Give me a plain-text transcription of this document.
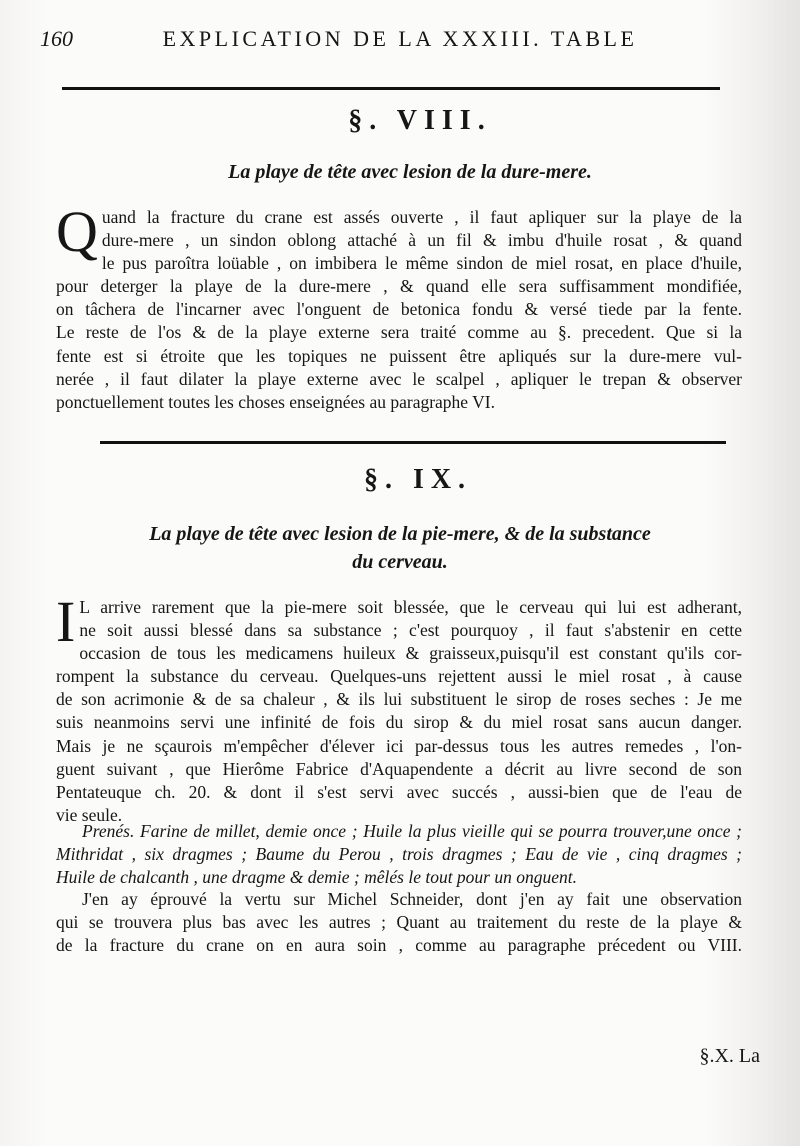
160	EXPLICATION DE LA XXXIII. TABLE
§. VIII.
La playe de tête avec lesion de la dure-mere.
Q uand la fracture du crane est assés ouverte , il faut apliquer sur la playe de la
dure-mere , un sindon oblong attaché à un fil & imbu d'huile rosat , & quand
le pus paroîtra loüable , on imbibera le même sindon de miel rosat, en place d'huile,
pour deterger la playe de la dure-mere , & quand elle sera suffisamment mondifiée,
on tâchera de l'incarner avec l'onguent de betonica fondu & versé tiede par la fente.
Le reste de l'os & de la playe externe sera traité comme au §. precedent. Que si la
fente est si étroite que les topiques ne puissent être apliqués sur la dure-mere vul-
nerée , il faut dilater la playe externe avec le scalpel , apliquer le trepan & observer
ponctuellement toutes les choses enseignées au paragraphe VI.
§. IX.
La playe de tête avec lesion de la pie-mere, & de la substance
du cerveau.
I L arrive rarement que la pie-mere soit blessée, que le cerveau qui lui est adherant,
ne soit aussi blessé dans sa substance ; c'est pourquoy , il faut s'abstenir en cette
occasion de tous les medicamens huileux & graisseux,puisqu'il est constant qu'ils cor-
rompent la substance du cerveau. Quelques-uns rejettent aussi le miel rosat , à cause
de son acrimonie & de sa chaleur , & ils lui substituent le sirop de roses seches : Je me
suis neanmoins servi une infinité de fois du sirop & du miel rosat sans aucun danger.
Mais je ne sçaurois m'empêcher d'élever ici par-dessus tous les autres remedes , l'on-
guent suivant , que Hierôme Fabrice d'Aquapendente a décrit au livre second de son
Pentateuque ch. 20. & dont il s'est servi avec succés , aussi-bien que de l'eau de
vie seule.
Prenés. Farine de millet, demie once ; Huile la plus vieille qui se pourra trouver,une once ;
Mithridat , six dragmes ; Baume du Perou , trois dragmes ; Eau de vie , cinq dragmes ;
Huile de chalcanth , une dragme & demie ; mêlés le tout pour un onguent.
J'en ay éprouvé la vertu sur Michel Schneider, dont j'en ay fait une observation
qui se trouvera plus bas avec les autres ; Quant au traitement du reste de la playe &
de la fracture du crane on en aura soin , comme au paragraphe précedent ou VIII.
§.X. La
